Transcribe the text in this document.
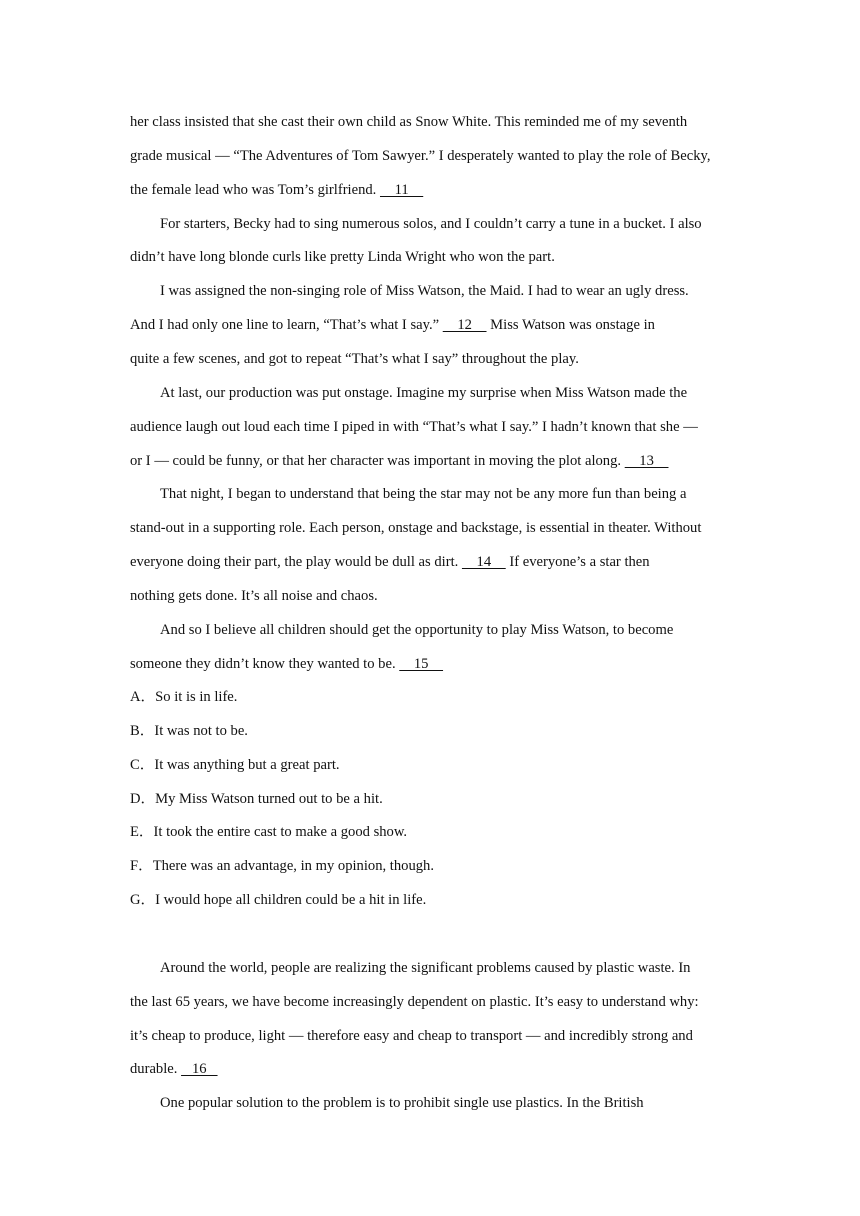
her class insisted that she cast their own child as Snow White. This reminded me of my seventh
grade musical — “The Adventures of Tom Sawyer.” I desperately wanted to play the role of Becky,
the female lead who was Tom’s girlfriend.     11
For starters, Becky had to sing numerous solos, and I couldn’t carry a tune in a bucket. I also
didn’t have long blonde curls like pretty Linda Wright who won the part.
I was assigned the non-singing role of Miss Watson, the Maid. I had to wear an ugly dress.
And I had only one line to learn, “That’s what I say.”     12     Miss Watson was onstage in
quite a few scenes, and got to repeat “That’s what I say” throughout the play.
At last, our production was put onstage. Imagine my surprise when Miss Watson made the
audience laugh out loud each time I piped in with “That’s what I say.” I hadn’t known that she —
or I — could be funny, or that her character was important in moving the plot along.     13
That night, I began to understand that being the star may not be any more fun than being a
stand-out in a supporting role. Each person, onstage and backstage, is essential in theater. Without
everyone doing their part, the play would be dull as dirt.     14     If everyone’s a star then
nothing gets done. It’s all noise and chaos.
And so I believe all children should get the opportunity to play Miss Watson, to become
someone they didn’t know they wanted to be.     15
A．So it is in life.
B．It was not to be.
C．It was anything but a great part.
D．My Miss Watson turned out to be a hit.
E．It took the entire cast to make a good show.
F．There was an advantage, in my opinion, though.
G．I would hope all children could be a hit in life.
Around the world, people are realizing the significant problems caused by plastic waste. In
the last 65 years, we have become increasingly dependent on plastic. It’s easy to understand why:
it’s cheap to produce, light — therefore easy and cheap to transport — and incredibly strong and
durable.    16
One popular solution to the problem is to prohibit single use plastics. In the British
